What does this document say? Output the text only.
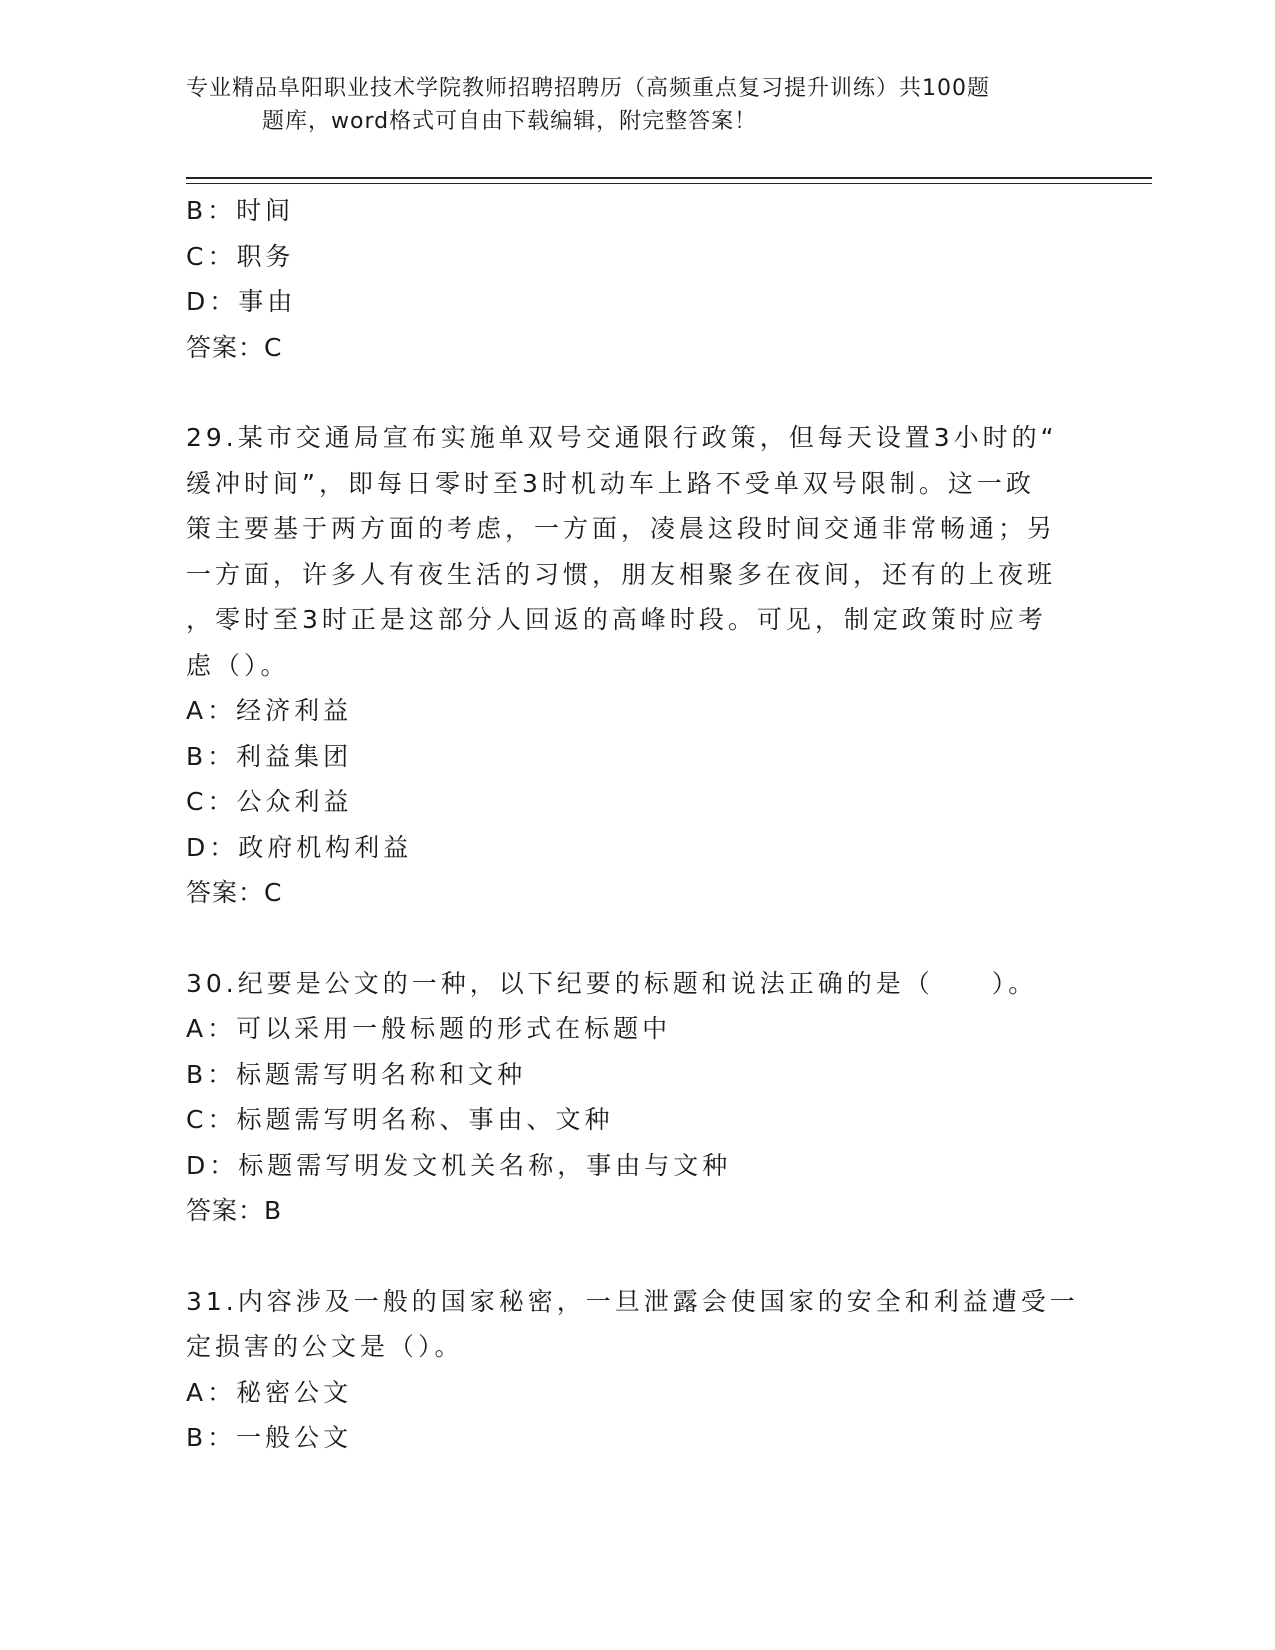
专业精品阜阳职业技术学院教师招聘招聘历（高频重点复习提升训练）共100题
题库，word格式可自由下载编辑，附完整答案！
B：时间
C：职务
D：事由
答案：C
29.某市交通局宣布实施单双号交通限行政策，但每天设置3小时的“
缓冲时间”，即每日零时至3时机动车上路不受单双号限制。这一政
策主要基于两方面的考虑，一方面，凌晨这段时间交通非常畅通；另
一方面，许多人有夜生活的习惯，朋友相聚多在夜间，还有的上夜班
，零时至3时正是这部分人回返的高峰时段。可见，制定政策时应考
虑（）。
A：经济利益
B：利益集团
C：公众利益
D：政府机构利益
答案：C
30.纪要是公文的一种，以下纪要的标题和说法正确的是（　　）。
A：可以采用一般标题的形式在标题中
B：标题需写明名称和文种
C：标题需写明名称、事由、文种
D：标题需写明发文机关名称，事由与文种
答案：B
31.内容涉及一般的国家秘密，一旦泄露会使国家的安全和利益遭受一
定损害的公文是（）。
A：秘密公文
B：一般公文
